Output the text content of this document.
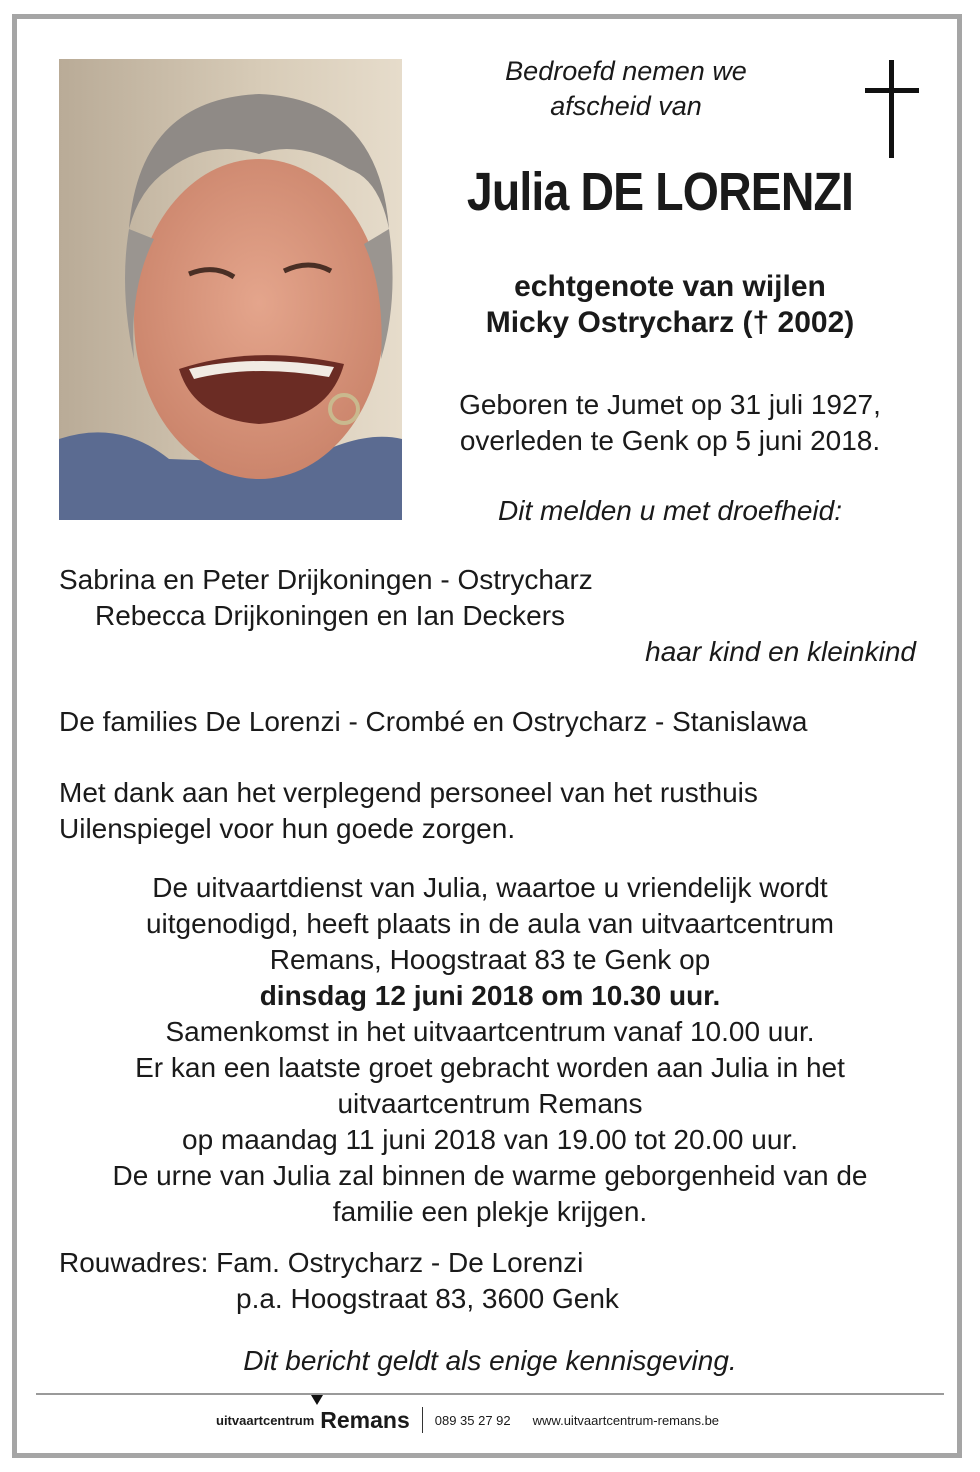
Bedroefd nemen we
afscheid van
Julia DE LORENZI
echtgenote van wijlen
Micky Ostrycharz († 2002)
Geboren te Jumet op 31 juli 1927,
overleden te Genk op 5 juni 2018.
Dit melden u met droefheid:
Sabrina en Peter Drijkoningen - Ostrycharz
Rebecca Drijkoningen en Ian Deckers
haar kind en kleinkind
De families De Lorenzi - Crombé en Ostrycharz - Stanislawa
Met dank aan het verplegend personeel van het rusthuis
Uilenspiegel voor hun goede zorgen.
De uitvaartdienst van Julia, waartoe u vriendelijk wordt
uitgenodigd, heeft plaats in de aula van uitvaartcentrum
Remans, Hoogstraat 83 te Genk op
dinsdag 12 juni 2018 om 10.30 uur.
Samenkomst in het uitvaartcentrum vanaf 10.00 uur.
Er kan een laatste groet gebracht worden aan Julia in het
uitvaartcentrum Remans
op maandag 11 juni 2018 van 19.00 tot 20.00 uur.
De urne van Julia zal binnen de warme geborgenheid van de
familie een plekje krijgen.
Rouwadres: Fam. Ostrycharz - De Lorenzi
p.a. Hoogstraat 83, 3600 Genk
Dit bericht geldt als enige kennisgeving.
uitvaartcentrum Remans 089 35 27 92 www.uitvaartcentrum-remans.be
